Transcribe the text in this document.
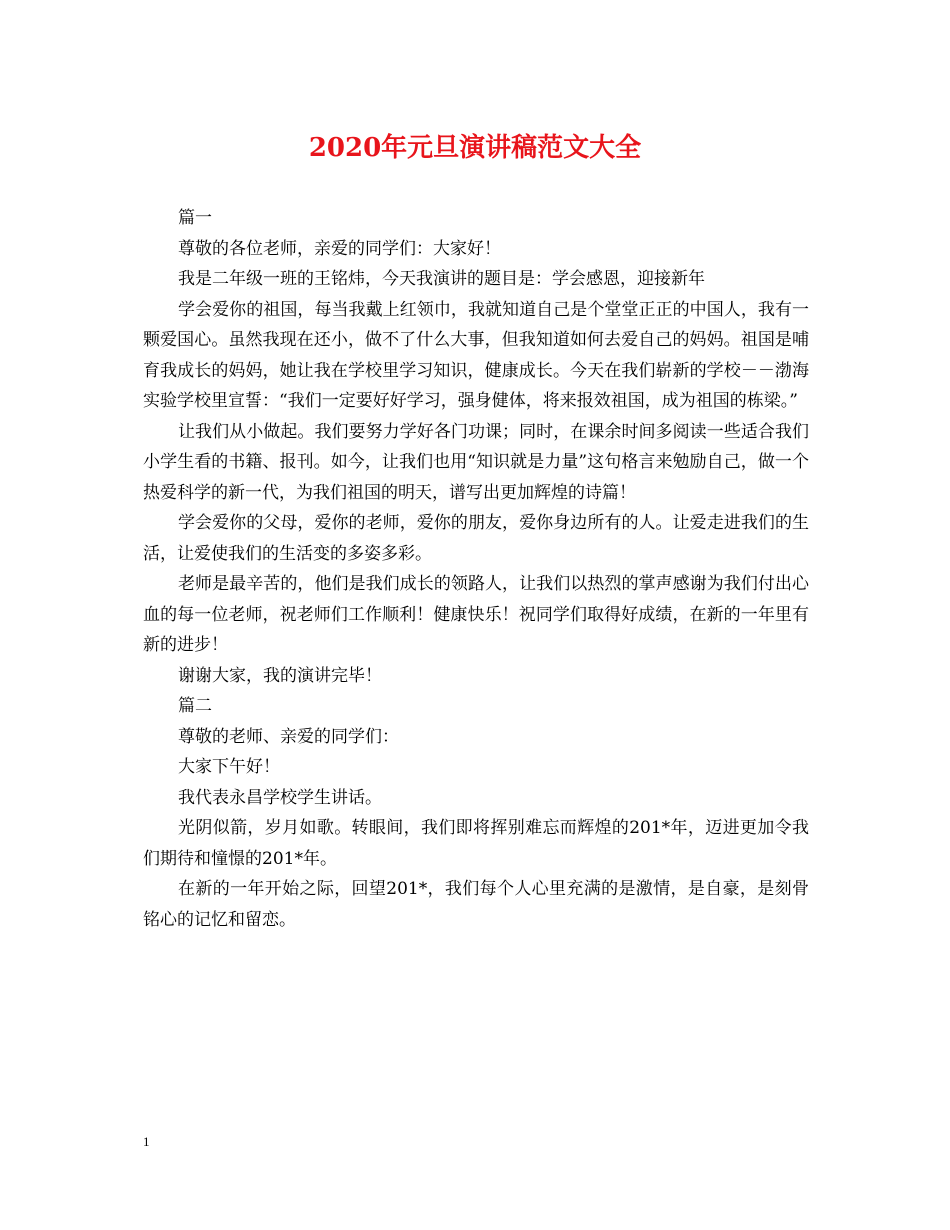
2020年元旦演讲稿范文大全

篇一

尊敬的各位老师，亲爱的同学们：大家好！

我是二年级一班的王铭炜，今天我演讲的题目是：学会感恩，迎接新年

学会爱你的祖国，每当我戴上红领巾，我就知道自己是个堂堂正正的中国人，我有一颗爱国心。虽然我现在还小，做不了什么大事，但我知道如何去爱自己的妈妈。祖国是哺育我成长的妈妈，她让我在学校里学习知识，健康成长。今天在我们崭新的学校－－渤海实验学校里宣誓：“我们一定要好好学习，强身健体，将来报效祖国，成为祖国的栋梁。”

让我们从小做起。我们要努力学好各门功课；同时，在课余时间多阅读一些适合我们小学生看的书籍、报刊。如今，让我们也用“知识就是力量”这句格言来勉励自己，做一个热爱科学的新一代，为我们祖国的明天，谱写出更加辉煌的诗篇！

学会爱你的父母，爱你的老师，爱你的朋友，爱你身边所有的人。让爱走进我们的生活，让爱使我们的生活变的多姿多彩。

老师是最辛苦的，他们是我们成长的领路人，让我们以热烈的掌声感谢为我们付出心血的每一位老师，祝老师们工作顺利！健康快乐！祝同学们取得好成绩，在新的一年里有新的进步！

谢谢大家，我的演讲完毕！

篇二

尊敬的老师、亲爱的同学们：

大家下午好！

我代表永昌学校学生讲话。

光阴似箭，岁月如歌。转眼间，我们即将挥别难忘而辉煌的201*年，迈进更加令我们期待和憧憬的201*年。

在新的一年开始之际，回望201*，我们每个人心里充满的是激情，是自豪，是刻骨铭心的记忆和留恋。

1
